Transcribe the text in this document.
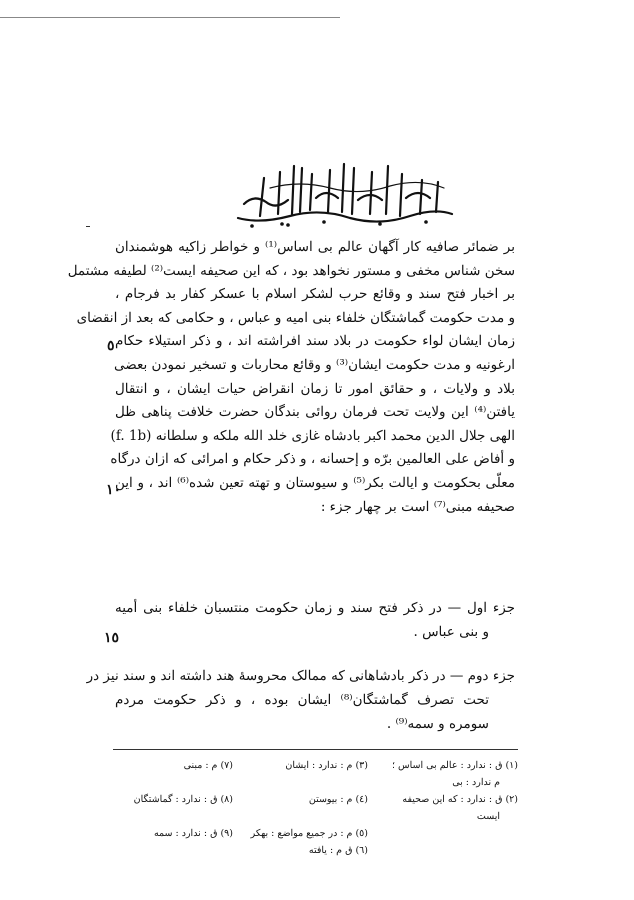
بسم الله الرحمن الرحیم
بر ضمائر صافیه کار آگهان عالم بی اساس⁽¹⁾ و خواطر زاکیه هوشمندان
سخن شناس مخفی و مستور نخواهد بود ، که این صحیفه ایست⁽²⁾ لطیفه مشتمل
بر اخبار فتح سند و وقائع حرب لشکر اسلام با عسکر کفار بد فرجام ،
و مدت حکومت گماشتگان خلفاء بنی امیه و عباس ، و حکامی که بعد از انقضای
زمان ایشان لواء حکومت در بلاد سند افراشته اند ، و ذکر استیلاء حکام
ارغونیه و مدت حکومت ایشان⁽³⁾ و وقائع محاربات و تسخیر نمودن بعضی
بلاد و ولایات ، و حقائق امور تا زمان انقراض حیات ایشان ، و انتقال
یافتن⁽⁴⁾ این ولایت تحت فرمان روائی بندگان حضرت خلافت پناهی ظل
الهی جلال الدین محمد اکبر بادشاه غازی خلد الله ملکه و سلطانه (f. 1b)
و أفاض علی العالمین برّه و إحسانه ، و ذکر حکام و امرائی که ازان درگاه
معلّی بحکومت و ایالت بکر⁽⁵⁾ و سیوستان و تهته تعین شده⁽⁶⁾ اند ، و این
صحیفه مبنی⁽⁷⁾ است بر چهار جزء :
٥
١٠
١٥
جزء اول — در ذکر فتح سند و زمان حکومت منتسبان خلفاء بنی أمیه
و بنی عباس .
جزء دوم — در ذکر بادشاهانی که ممالک محروسهٔ هند داشته اند و سند نیز در
تحت تصرف گماشتگان⁽⁸⁾ ایشان بوده ، و ذکر حکومت مردم
سومره و سمه⁽⁹⁾ .
(١) ق : ندارد : عالم بی اساس ؛
م ندارد : بی
(٣) م : ندارد : ایشان
(٧) م : مبنی
(٢) ق : ندارد : که این صحیفه
ایست
(٤) م : بیوستن
(٨) ق : ندارد : گماشتگان
(٥) م : در جمیع مواضع : بهکر
(٩) ق : ندارد : سمه
(٦) ق م : یافته
